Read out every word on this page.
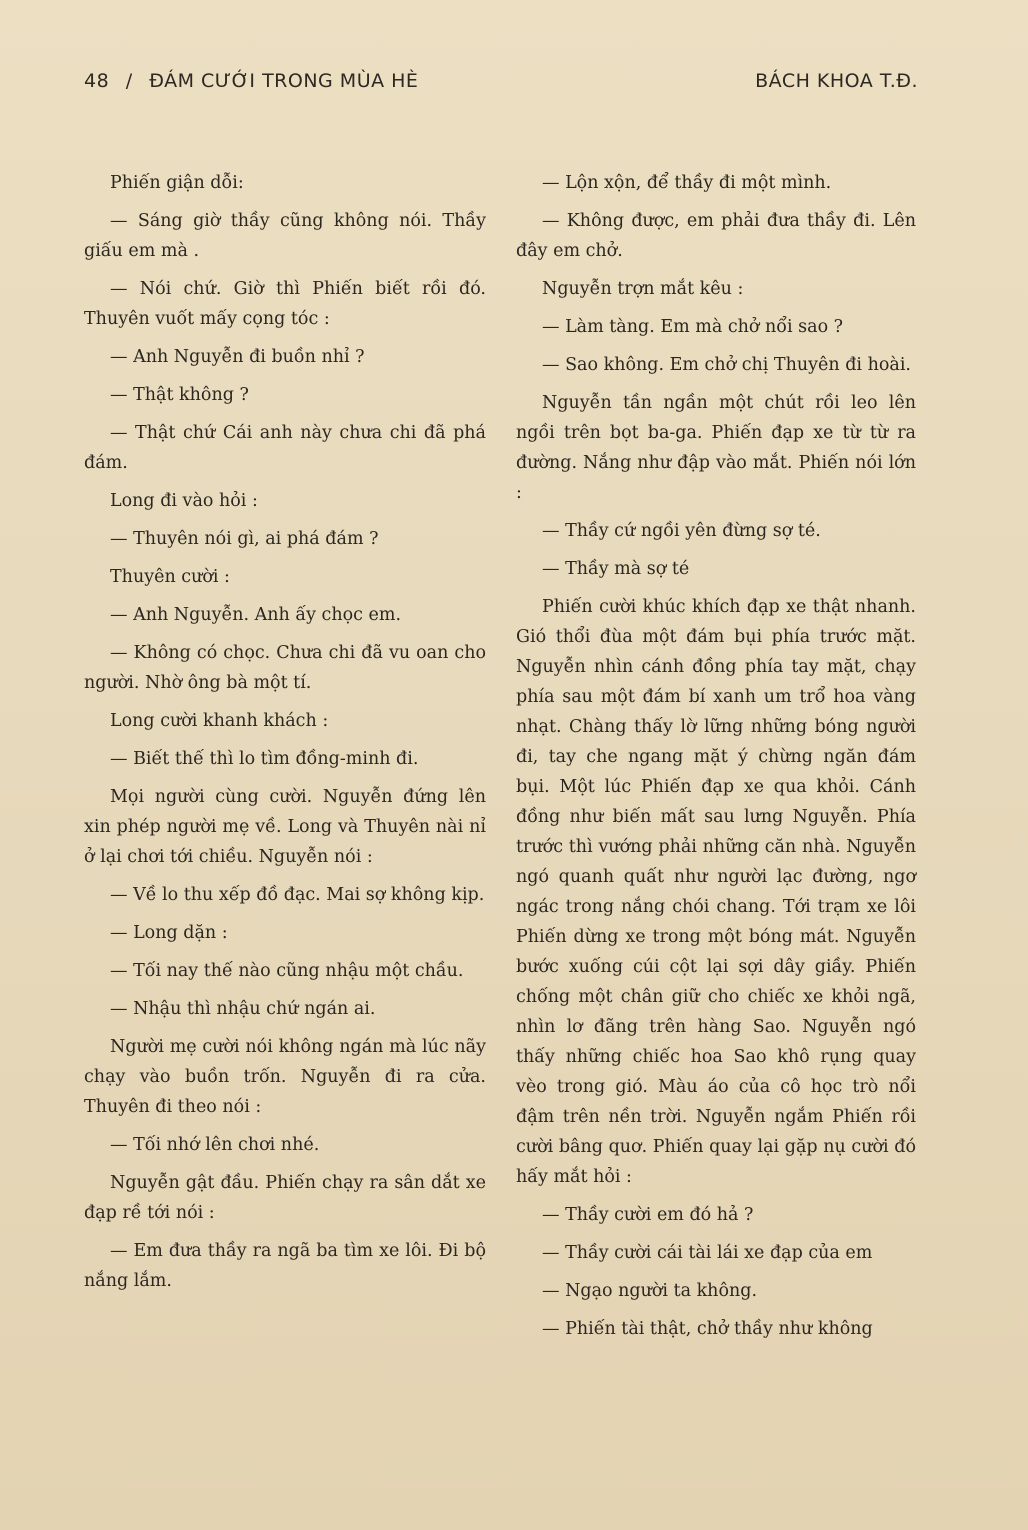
48 / ĐÁM CƯỚI TRONG MÙA HÈ	BÁCH KHOA T.Đ.

Phiến giận dỗi:

— Sáng giờ thầy cũng không nói. Thầy giấu em mà .

— Nói chứ. Giờ thì Phiến biết rồi đó. Thuyên vuốt mấy cọng tóc :

— Anh Nguyễn đi buồn nhỉ ?

— Thật không ?

— Thật chứ Cái anh này chưa chi đã phá đám.

Long đi vào hỏi :

— Thuyên nói gì, ai phá đám ?

Thuyên cười :

— Anh Nguyễn. Anh ấy chọc em.

— Không có chọc. Chưa chi đã vu oan cho người. Nhờ ông bà một tí.

Long cười khanh khách :

— Biết thế thì lo tìm đồng-minh đi.

Mọi người cùng cười. Nguyễn đứng lên xin phép người mẹ về. Long và Thuyên nài nỉ ở lại chơi tới chiều. Nguyễn nói :

— Về lo thu xếp đồ đạc. Mai sợ không kịp.

— Long dặn :

— Tối nay thế nào cũng nhậu một chầu.

— Nhậu thì nhậu chứ ngán ai.

Người mẹ cười nói không ngán mà lúc nãy chạy vào buồn trốn. Nguyễn đi ra cửa. Thuyên đi theo nói :

— Tối nhớ lên chơi nhé.

Nguyễn gật đầu. Phiến chạy ra sân dắt xe đạp rề tới nói :

— Em đưa thầy ra ngã ba tìm xe lôi. Đi bộ nắng lắm.

— Lộn xộn, để thầy đi một mình.

— Không được, em phải đưa thầy đi. Lên đây em chở.

Nguyễn trợn mắt kêu :

— Làm tàng. Em mà chở nổi sao ?

— Sao không. Em chở chị Thuyên đi hoài.

Nguyễn tần ngần một chút rồi leo lên ngồi trên bọt ba-ga. Phiến đạp xe từ từ ra đường. Nắng như đập vào mắt. Phiến nói lớn :

— Thầy cứ ngồi yên đừng sợ té.

— Thầy mà sợ té

Phiến cười khúc khích đạp xe thật nhanh. Gió thổi đùa một đám bụi phía trước mặt. Nguyễn nhìn cánh đồng phía tay mặt, chạy phía sau một đám bí xanh um trổ hoa vàng nhạt. Chàng thấy lờ lững những bóng người đi, tay che ngang mặt ý chừng ngăn đám bụi. Một lúc Phiến đạp xe qua khỏi. Cánh đồng như biến mất sau lưng Nguyễn. Phía trước thì vướng phải những căn nhà. Nguyễn ngó quanh quất như người lạc đường, ngơ ngác trong nắng chói chang. Tới trạm xe lôi Phiến dừng xe trong một bóng mát. Nguyễn bước xuống cúi cột lại sợi dây giầy. Phiến chống một chân giữ cho chiếc xe khỏi ngã, nhìn lơ đãng trên hàng Sao. Nguyễn ngó thấy những chiếc hoa Sao khô rụng quay vèo trong gió. Màu áo của cô học trò nổi đậm trên nền trời. Nguyễn ngắm Phiến rồi cười bâng quơ. Phiến quay lại gặp nụ cười đó hấy mắt hỏi :

— Thầy cười em đó hả ?

— Thầy cười cái tài lái xe đạp của em

— Ngạo người ta không.

— Phiến tài thật, chở thầy như không
